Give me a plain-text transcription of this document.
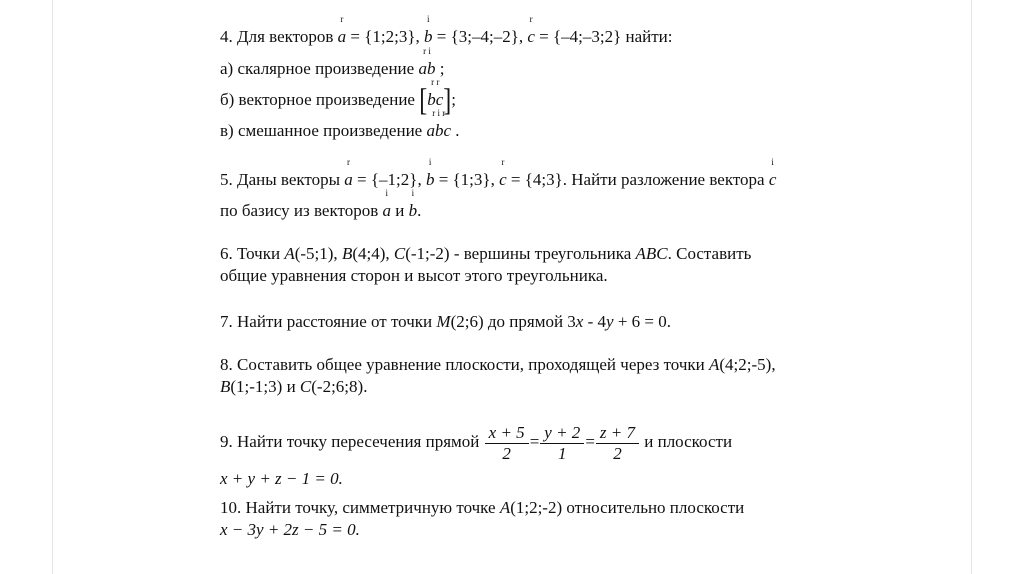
4. Для векторов
r
a = {1;2;3},
i
b = {3;–4;–2},
r
c = {–4;–3;2} найти:
а) скалярное произведение
r i
ab ;
б) векторное произведение [
r r
bc];
в) смешанное произведение
r i r
abc .
5. Даны векторы
r
a = {–1;2},
i
b = {1;3},
r
c = {4;3}. Найти разложение вектора
i
c
по базису из векторов
i
a и
i
b.
6. Точки A(-5;1), B(4;4), C(-1;-2) - вершины треугольника ABC. Составить
общие уравнения сторон и высот этого треугольника.
7. Найти расстояние от точки M(2;6) до прямой 3x - 4y + 6 = 0.
8. Составить общее уравнение плоскости, проходящей через точки A(4;2;-5),
B(1;-1;3) и C(-2;6;8).
9. Найти точку пересечения прямой $\frac{x + 5}{2} = \frac{y + 2}{1} = \frac{z + 7}{2}$ и плоскости
x + y + z − 1 = 0.
10. Найти точку, симметричную точке A(1;2;-2) относительно плоскости
x − 3y + 2z − 5 = 0.
